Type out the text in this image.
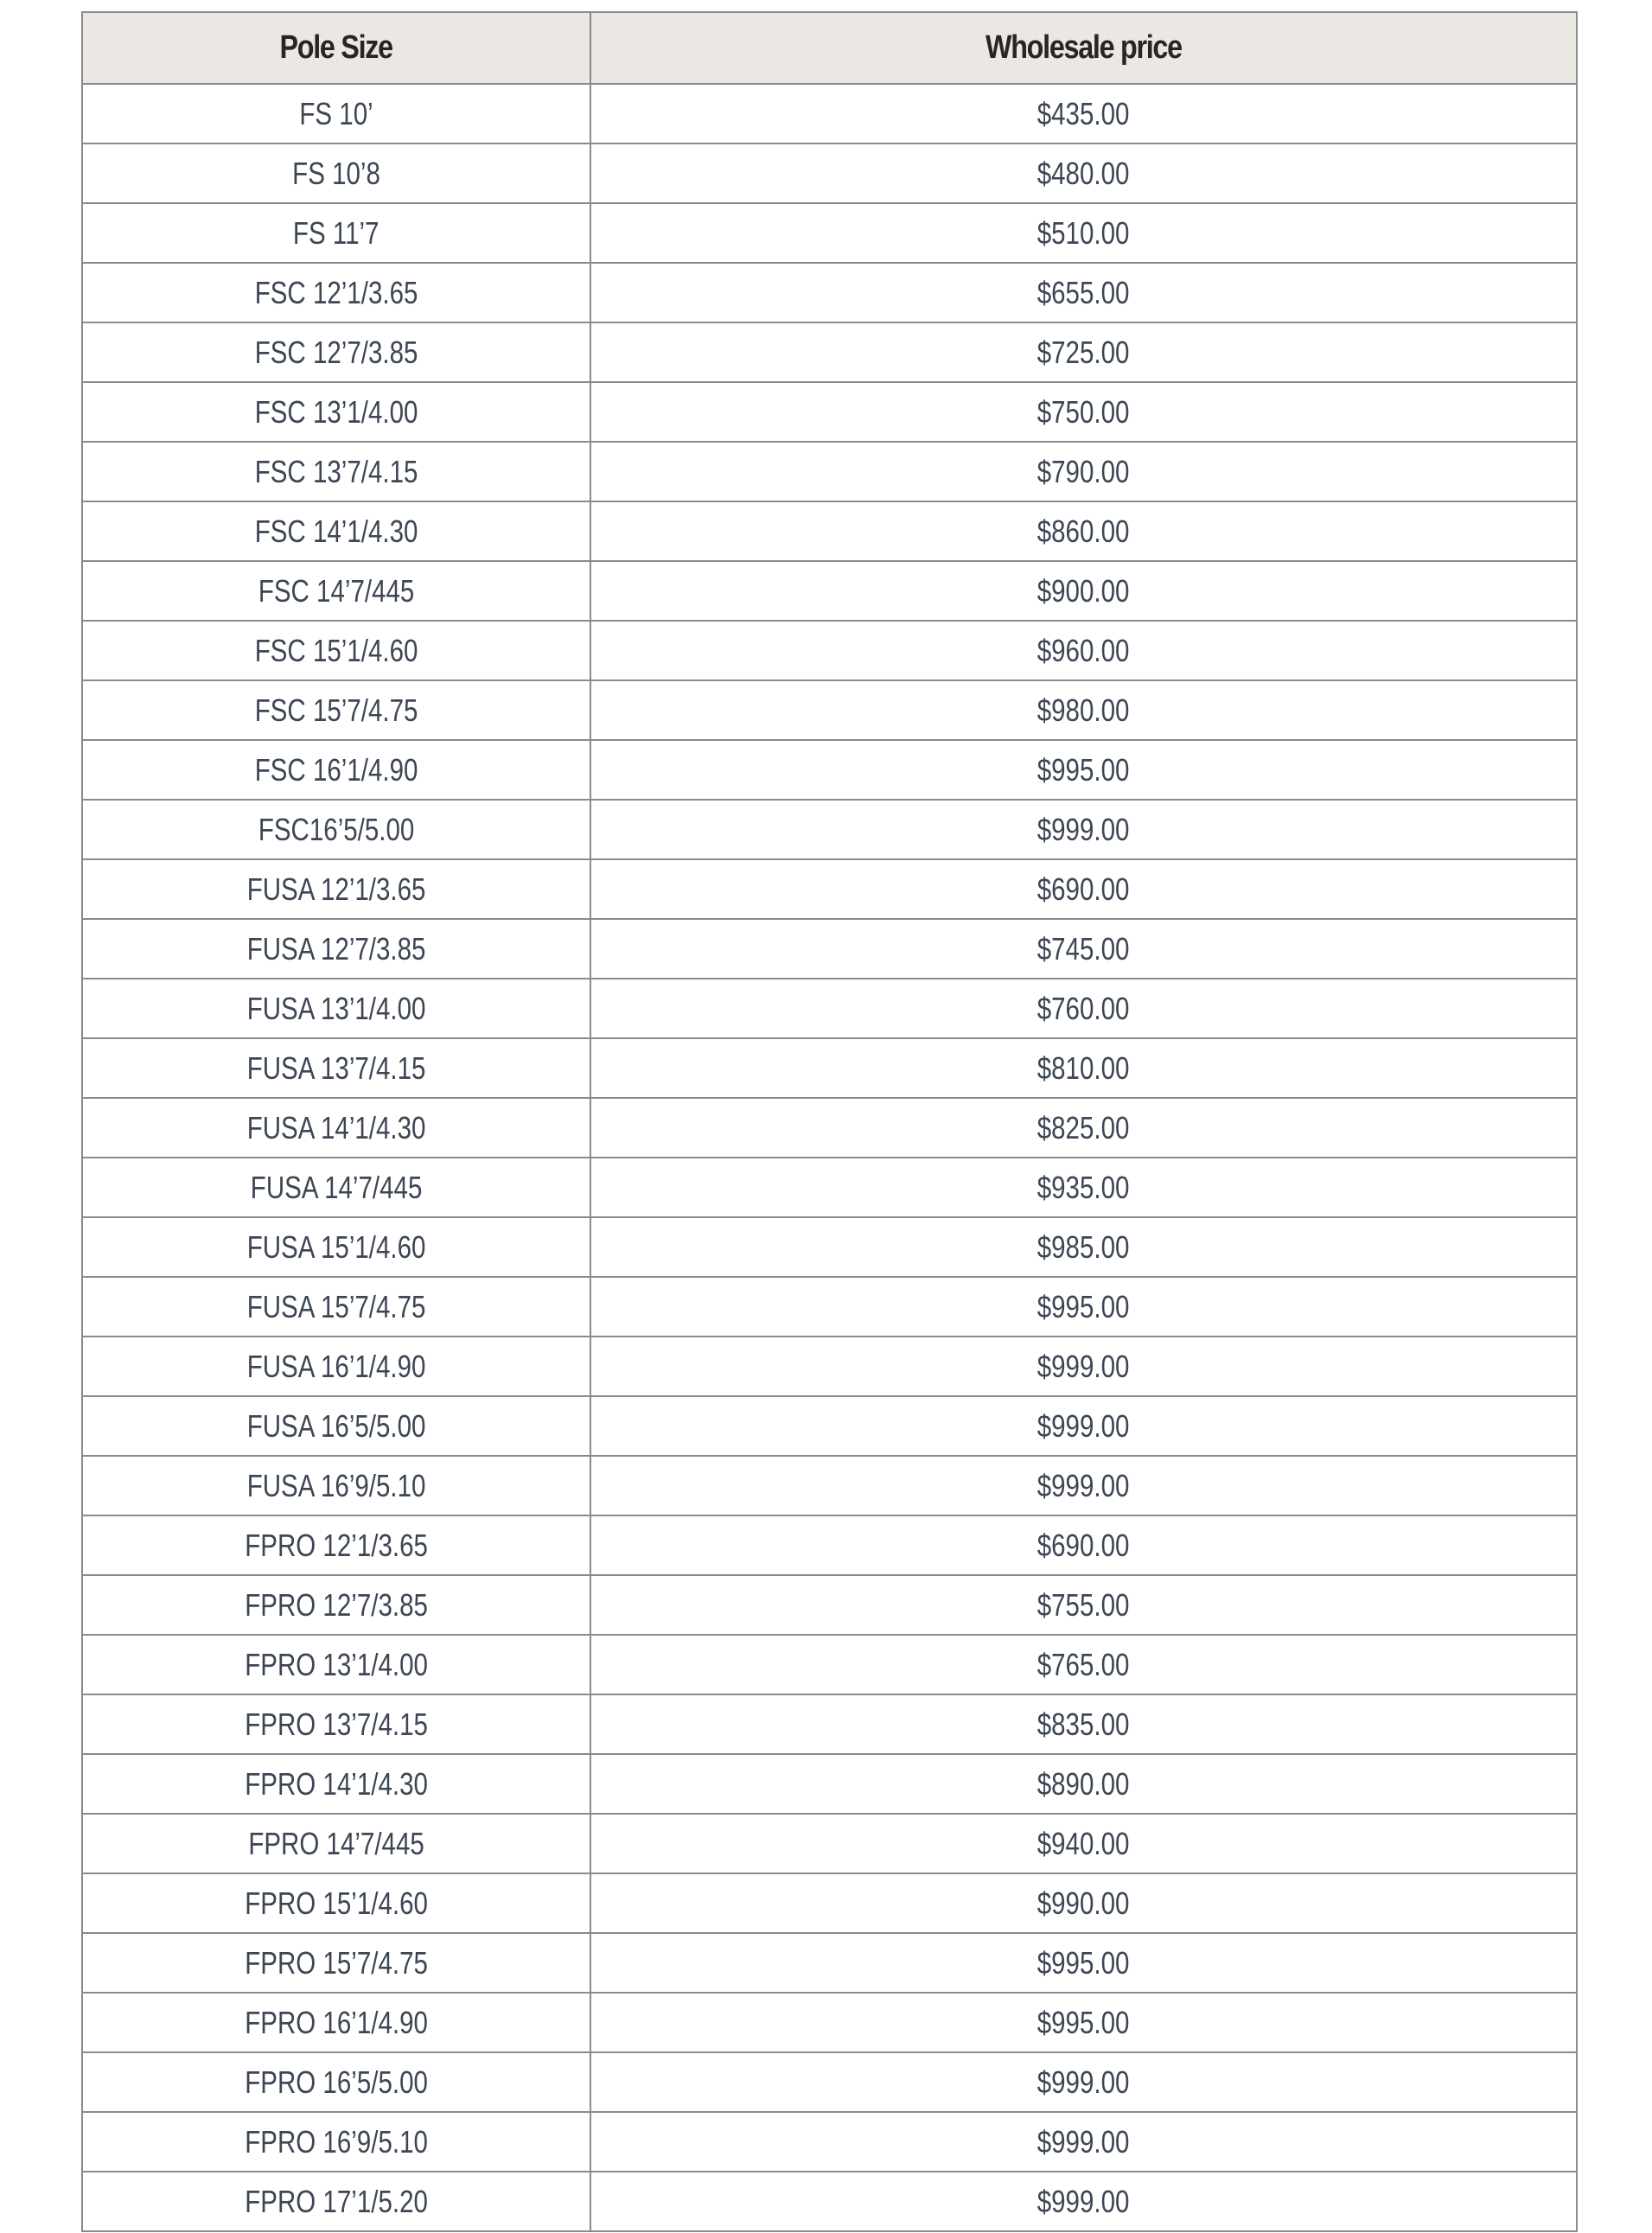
Pole Size	Wholesale price
FS 10’	$435.00
FS 10’8	$480.00
FS 11’7	$510.00
FSC 12’1/3.65	$655.00
FSC 12’7/3.85	$725.00
FSC 13’1/4.00	$750.00
FSC 13’7/4.15	$790.00
FSC 14’1/4.30	$860.00
FSC 14’7/445	$900.00
FSC 15’1/4.60	$960.00
FSC 15’7/4.75	$980.00
FSC 16’1/4.90	$995.00
FSC16’5/5.00	$999.00
FUSA 12’1/3.65	$690.00
FUSA 12’7/3.85	$745.00
FUSA 13’1/4.00	$760.00
FUSA 13’7/4.15	$810.00
FUSA 14’1/4.30	$825.00
FUSA 14’7/445	$935.00
FUSA 15’1/4.60	$985.00
FUSA 15’7/4.75	$995.00
FUSA 16’1/4.90	$999.00
FUSA 16’5/5.00	$999.00
FUSA 16’9/5.10	$999.00
FPRO 12’1/3.65	$690.00
FPRO 12’7/3.85	$755.00
FPRO 13’1/4.00	$765.00
FPRO 13’7/4.15	$835.00
FPRO 14’1/4.30	$890.00
FPRO 14’7/445	$940.00
FPRO 15’1/4.60	$990.00
FPRO 15’7/4.75	$995.00
FPRO 16’1/4.90	$995.00
FPRO 16’5/5.00	$999.00
FPRO 16’9/5.10	$999.00
FPRO 17’1/5.20	$999.00
